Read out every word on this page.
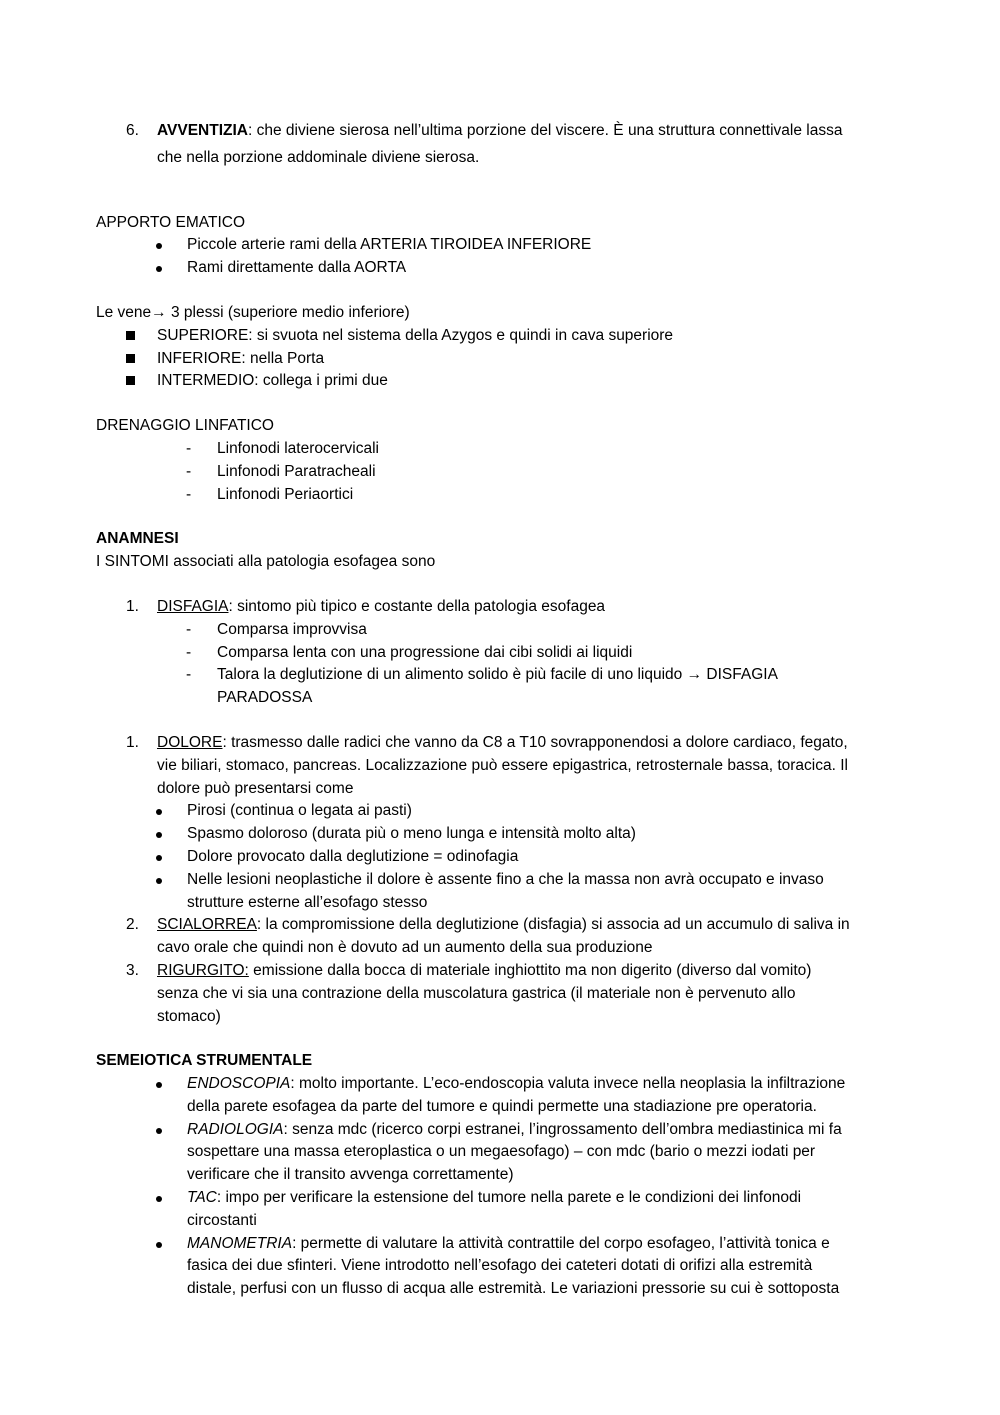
6.	AVVENTIZIA: che diviene sierosa nell’ultima porzione del viscere. È una struttura connettivale lassa
che nella porzione addominale diviene sierosa.
APPORTO EMATICO
Piccole arterie rami della ARTERIA TIROIDEA INFERIORE
Rami direttamente dalla AORTA
Le vene→ 3 plessi (superiore medio inferiore)
SUPERIORE: si svuota nel sistema della Azygos e quindi in cava superiore
INFERIORE: nella Porta
INTERMEDIO: collega i primi due
DRENAGGIO LINFATICO
-	Linfonodi laterocervicali
-	Linfonodi Paratracheali
-	Linfonodi Periaortici
ANAMNESI
I SINTOMI associati alla patologia esofagea sono
1.	DISFAGIA: sintomo più tipico e costante della patologia esofagea
-	Comparsa improvvisa
-	Comparsa lenta con una progressione dai cibi solidi ai liquidi
-	Talora la deglutizione di un alimento solido è più facile di uno liquido → DISFAGIA
PARADOSSA
1.	DOLORE: trasmesso dalle radici che vanno da C8 a T10 sovrapponendosi a dolore cardiaco, fegato,
vie biliari, stomaco, pancreas. Localizzazione può essere epigastrica, retrosternale bassa, toracica. Il
dolore può presentarsi come
Pirosi (continua o legata ai pasti)
Spasmo doloroso (durata più o meno lunga e intensità molto alta)
Dolore provocato dalla deglutizione = odinofagia
Nelle lesioni neoplastiche il dolore è assente fino a che la massa non avrà occupato e invaso
strutture esterne all’esofago stesso
2.	SCIALORREA: la compromissione della deglutizione (disfagia) si associa ad un accumulo di saliva in
cavo orale che quindi non è dovuto ad un aumento della sua produzione
3.	RIGURGITO: emissione dalla bocca di materiale inghiottito ma non digerito (diverso dal vomito)
senza che vi sia una contrazione della muscolatura gastrica (il materiale non è pervenuto allo
stomaco)
SEMEIOTICA STRUMENTALE
ENDOSCOPIA: molto importante. L’eco-endoscopia valuta invece nella neoplasia la infiltrazione
della parete esofagea da parte del tumore e quindi permette una stadiazione pre operatoria.
RADIOLOGIA: senza mdc (ricerco corpi estranei, l’ingrossamento dell’ombra mediastinica mi fa
sospettare una massa eteroplastica o un megaesofago) – con mdc (bario o mezzi iodati per
verificare che il transito avvenga correttamente)
TAC: impo per verificare la estensione del tumore nella parete e le condizioni dei linfonodi
circostanti
MANOMETRIA: permette di valutare la attività contrattile del corpo esofageo, l’attività tonica e
fasica dei due sfinteri. Viene introdotto nell’esofago dei cateteri dotati di orifizi alla estremità
distale, perfusi con un flusso di acqua alle estremità. Le variazioni pressorie su cui è sottoposta
